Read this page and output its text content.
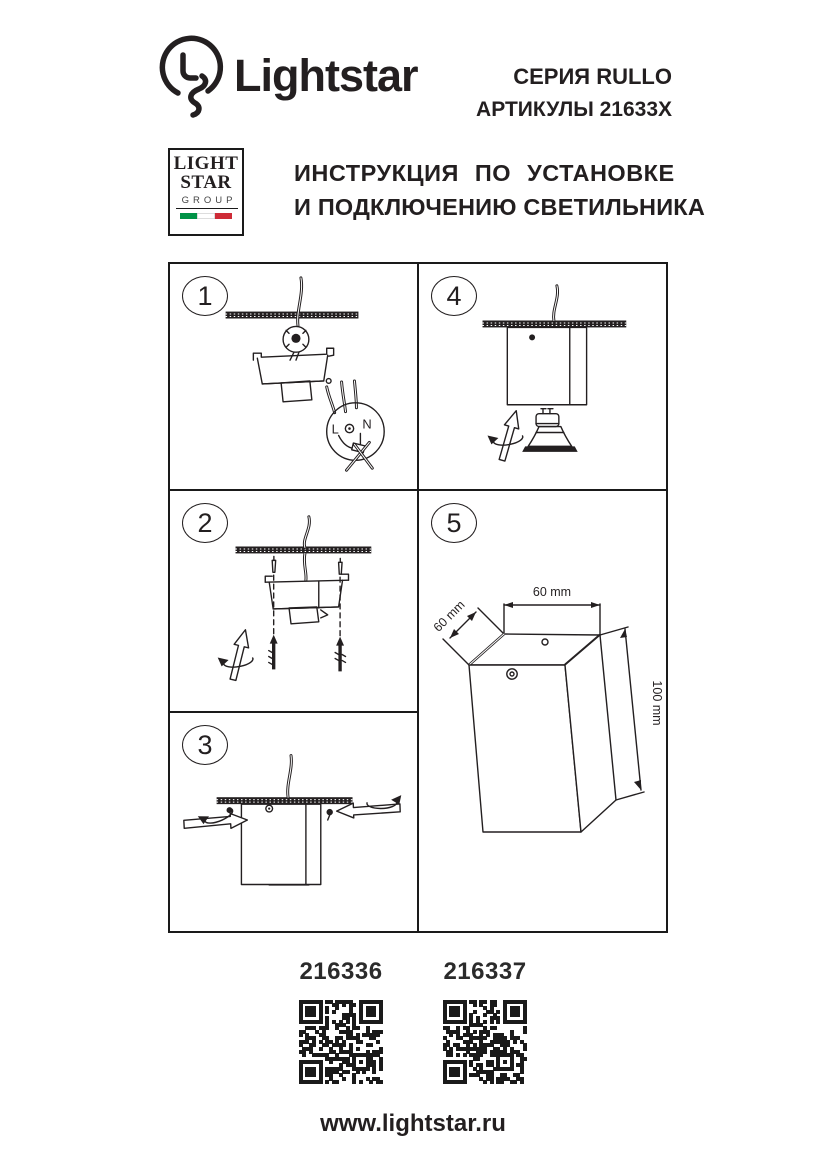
Lightstar	СЕРИЯ RULLO
АРТИКУЛЫ 21633X
LIGHT
STAR
GROUP
ИНСТРУКЦИЯ ПО УСТАНОВКЕ
И ПОДКЛЮЧЕНИЮ СВЕТИЛЬНИКА
1
L N
2
3
4
5
60 mm
60 mm
100 mm
216336	216337
www.lightstar.ru
